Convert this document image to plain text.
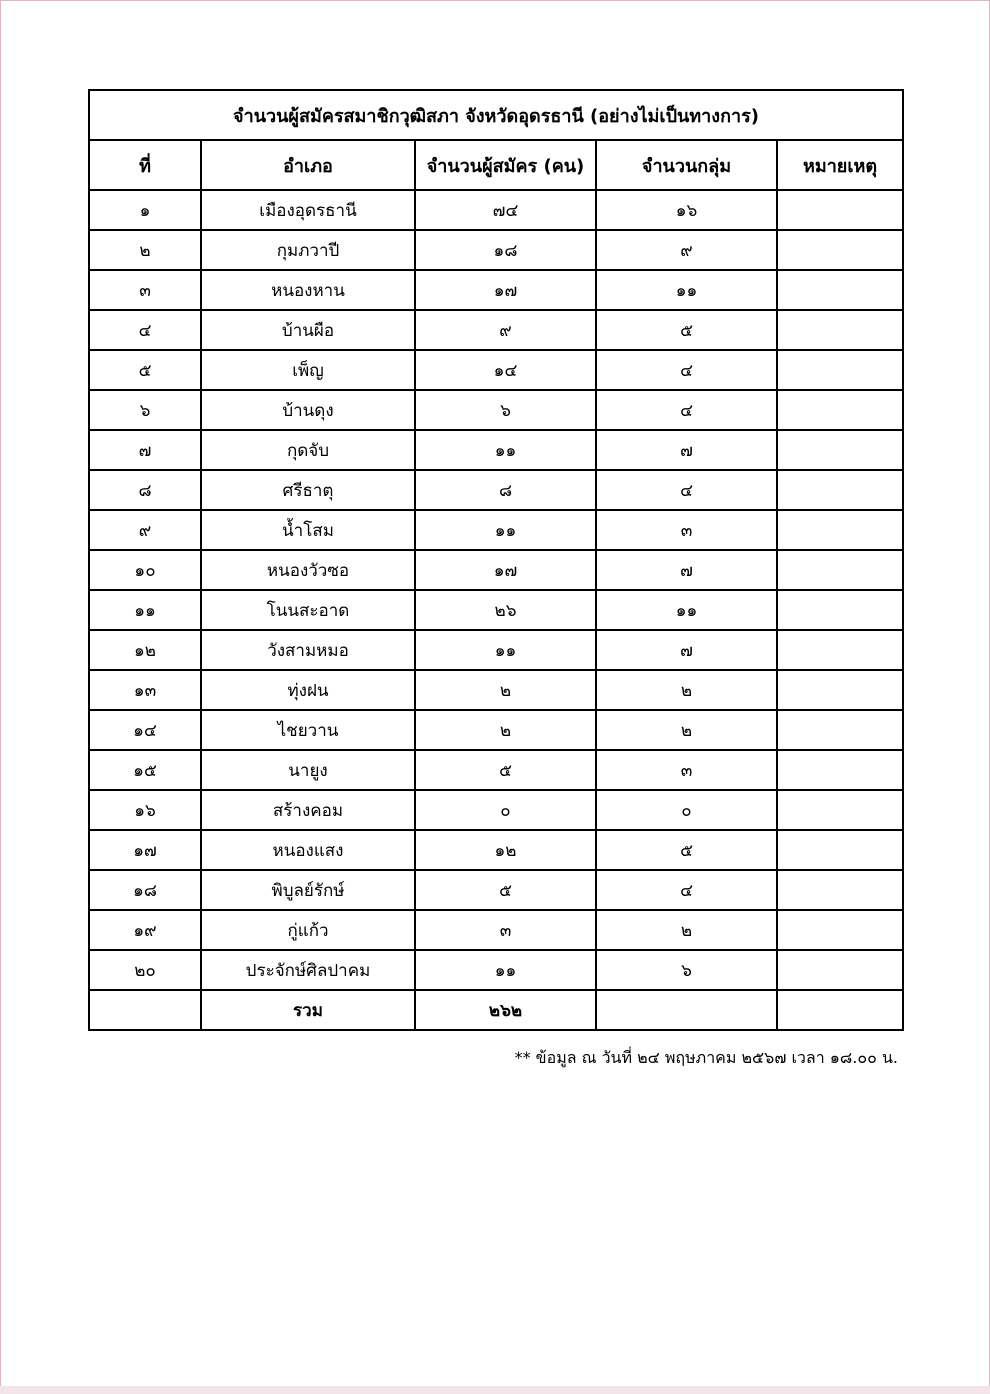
จำนวนผู้สมัครสมาชิกวุฒิสภา จังหวัดอุดรธานี (อย่างไม่เป็นทางการ)				
ที่	อำเภอ	จำนวนผู้สมัคร (คน)	จำนวนกลุ่ม	หมายเหตุ
๑	เมืองอุดรธานี	๗๔	๑๖	
๒	กุมภวาปี	๑๘	๙	
๓	หนองหาน	๑๗	๑๑	
๔	บ้านผือ	๙	๕	
๕	เพ็ญ	๑๔	๔	
๖	บ้านดุง	๖	๔	
๗	กุดจับ	๑๑	๗	
๘	ศรีธาตุ	๘	๔	
๙	น้ำโสม	๑๑	๓	
๑๐	หนองวัวซอ	๑๗	๗	
๑๑	โนนสะอาด	๒๖	๑๑	
๑๒	วังสามหมอ	๑๑	๗	
๑๓	ทุ่งฝน	๒	๒	
๑๔	ไชยวาน	๒	๒	
๑๕	นายูง	๕	๓	
๑๖	สร้างคอม	๐	๐	
๑๗	หนองแสง	๑๒	๕	
๑๘	พิบูลย์รักษ์	๕	๔	
๑๙	กู่แก้ว	๓	๒	
๒๐	ประจักษ์ศิลปาคม	๑๑	๖	
	รวม	๒๖๒		
** ข้อมูล ณ วันที่ ๒๔ พฤษภาคม ๒๕๖๗ เวลา ๑๘.๐๐ น.
